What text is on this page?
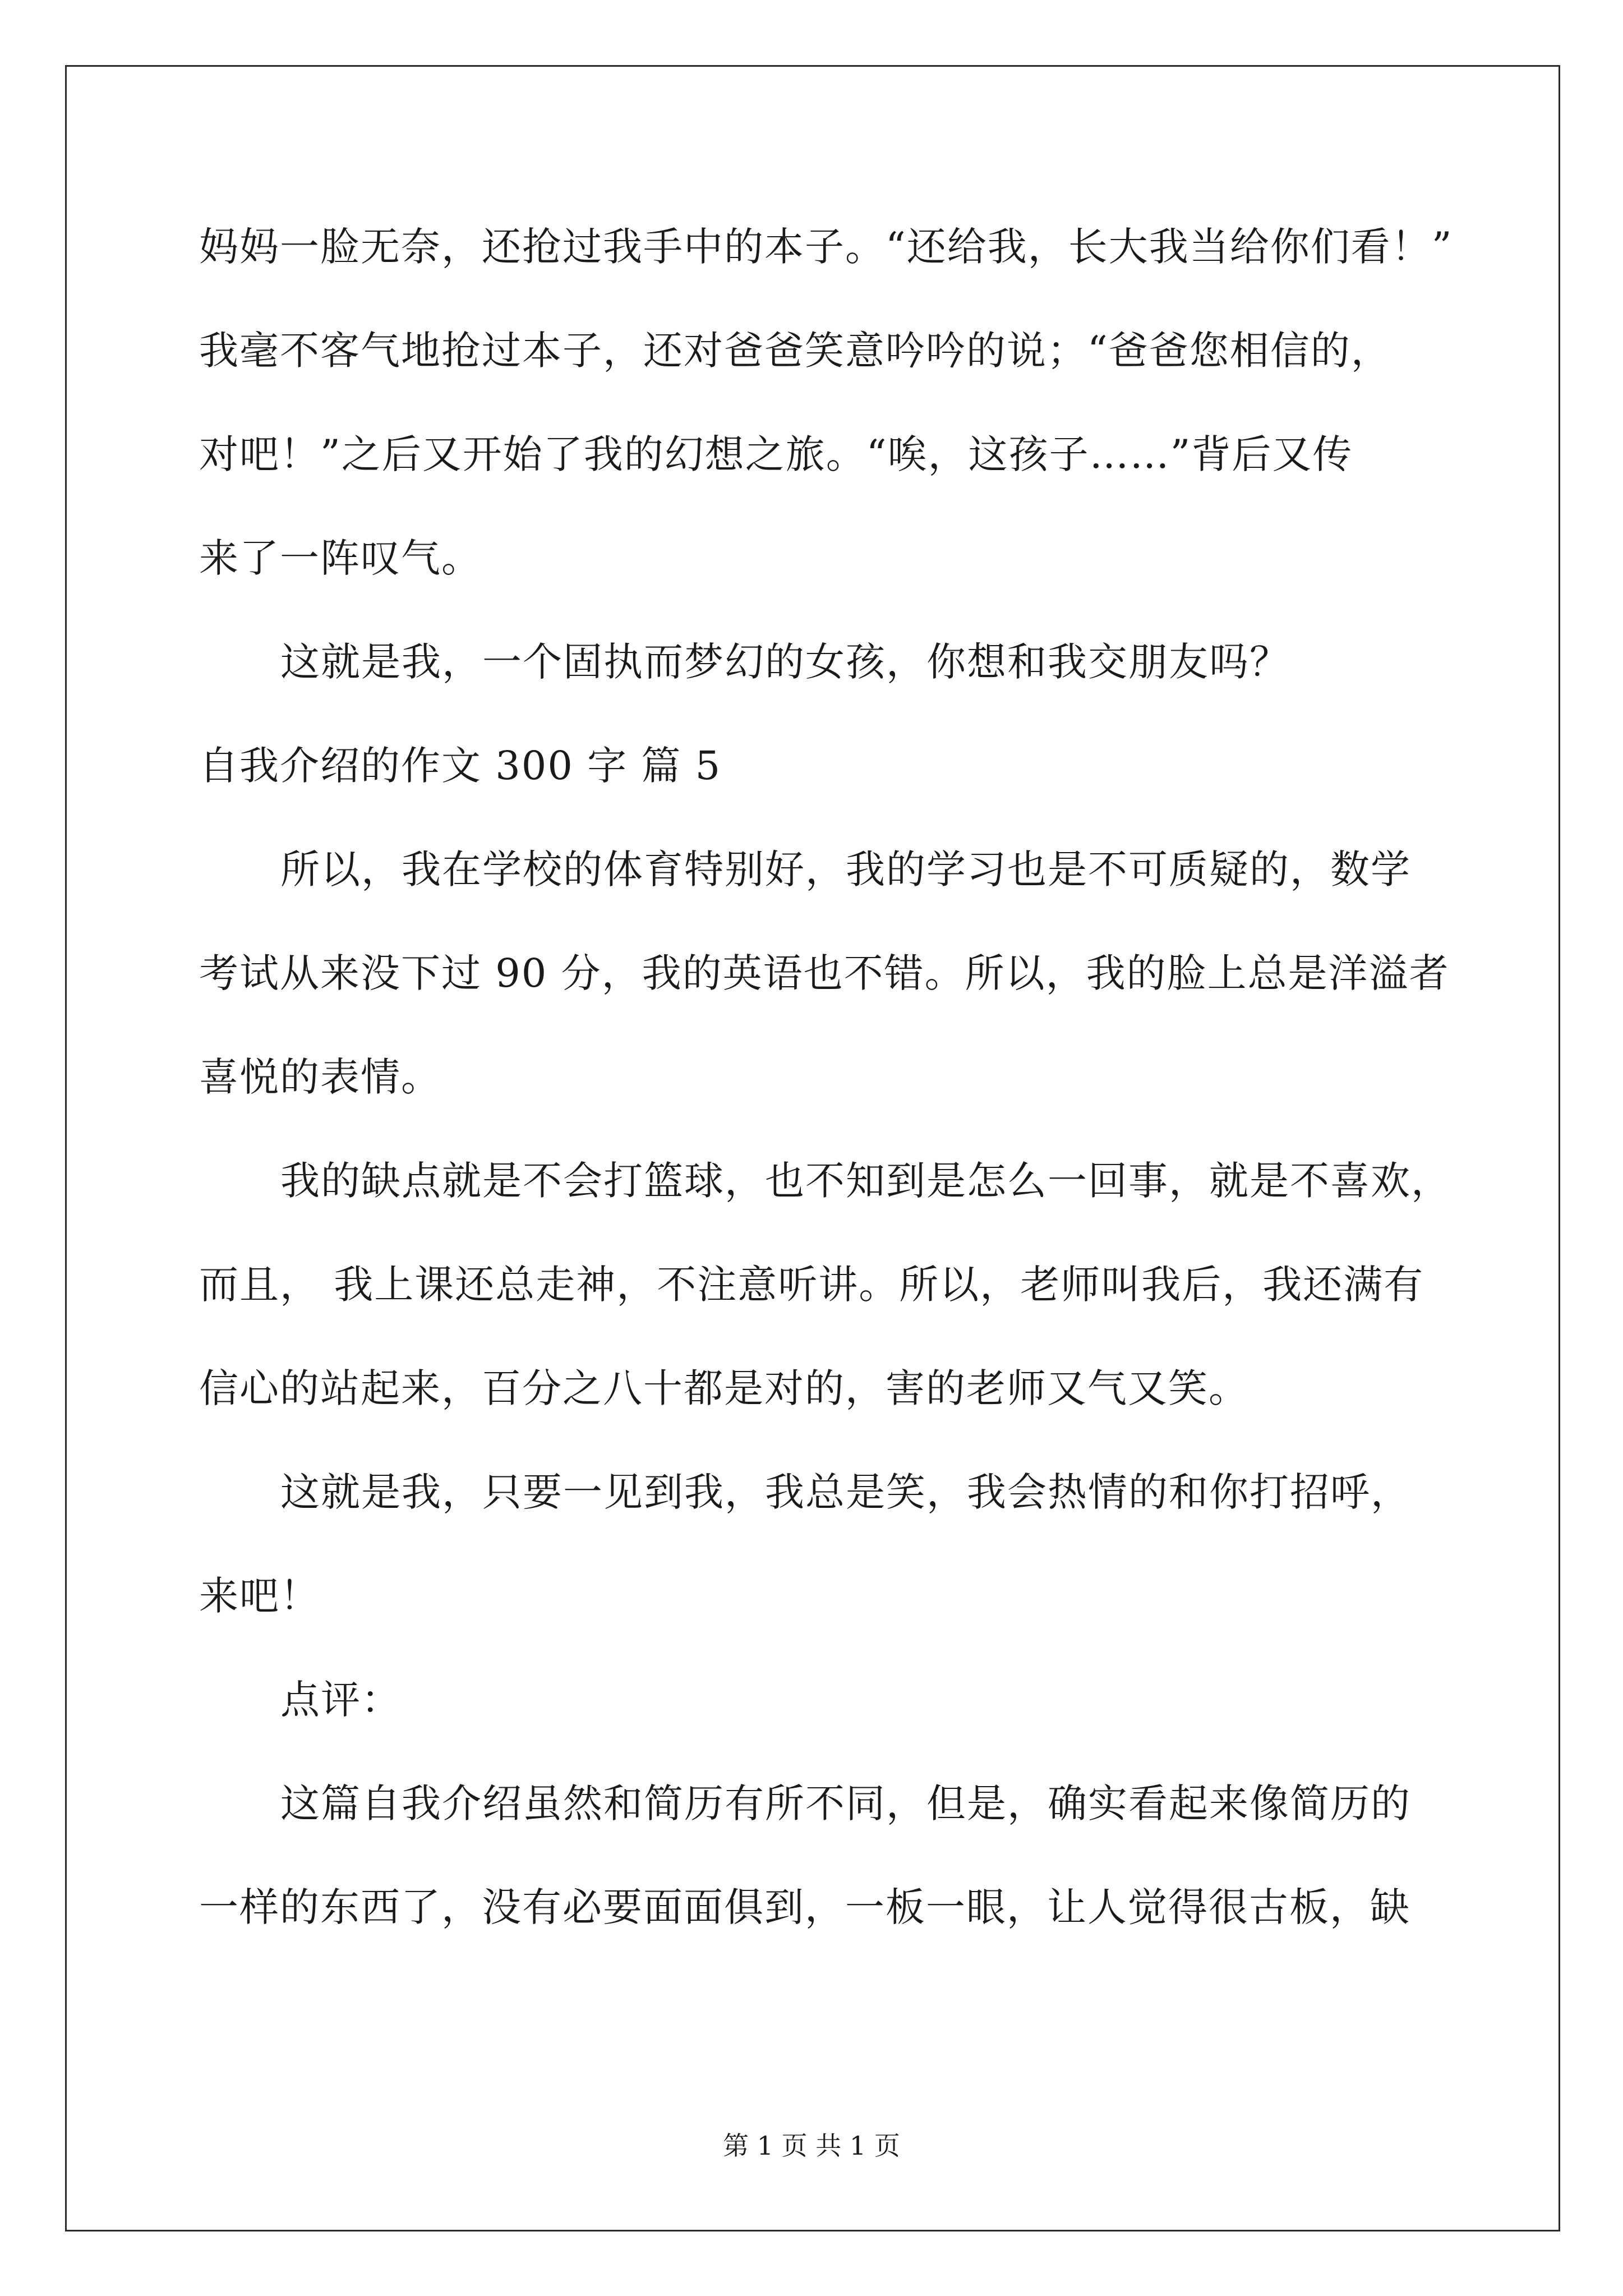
妈妈一脸无奈，还抢过我手中的本子。“还给我，长大我当给你们看！”
我毫不客气地抢过本子，还对爸爸笑意吟吟的说；“爸爸您相信的，
对吧！”之后又开始了我的幻想之旅。“唉，这孩子……”背后又传
来了一阵叹气。
这就是我，一个固执而梦幻的女孩，你想和我交朋友吗？
自我介绍的作文 300 字 篇 5
所以，我在学校的体育特别好，我的学习也是不可质疑的，数学
考试从来没下过 90 分，我的英语也不错。所以，我的脸上总是洋溢者
喜悦的表情。
我的缺点就是不会打篮球，也不知到是怎么一回事，就是不喜欢，
而且， 我上课还总走神，不注意听讲。所以，老师叫我后，我还满有
信心的站起来，百分之八十都是对的，害的老师又气又笑。
这就是我，只要一见到我，我总是笑，我会热情的和你打招呼，
来吧！
点评：
这篇自我介绍虽然和简历有所不同，但是，确实看起来像简历的
一样的东西了，没有必要面面俱到，一板一眼，让人觉得很古板，缺
第 1 页 共 1 页
